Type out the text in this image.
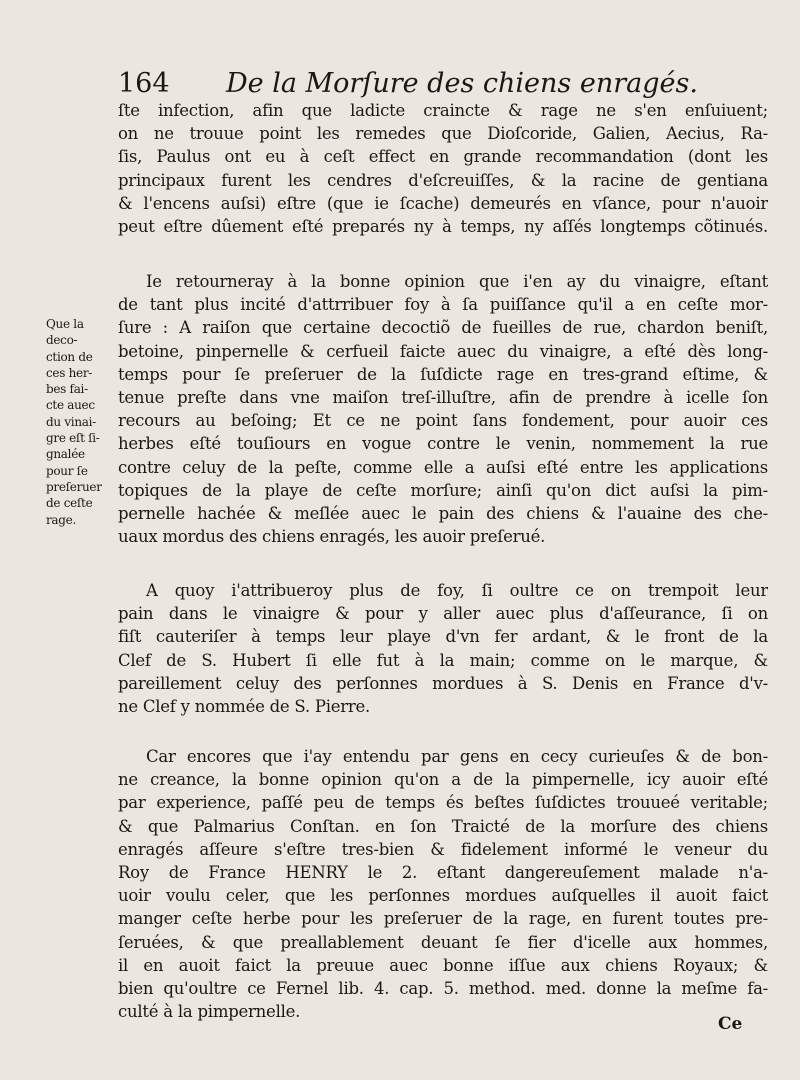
164 De la Morſure des chiens enragés.
ſte infection, afin que ladicte craincte & rage ne s'en enſuiuent;
on ne trouue point les remedes que Dioſcoride, Galien, Aecius, Ra-
ſis, Paulus ont eu à ceſt effect en grande recommandation (dont les
principaux furent les cendres d'eſcreuiſſes, & la racine de gentiana
& l'encens auſsi) eſtre (que ie ſcache) demeurés en vſance, pour n'auoir
peut eſtre dûement eſté preparés ny à temps, ny aſſés longtemps cõtinués.
Ie retourneray à la bonne opinion que i'en ay du vinaigre, eſtant
de tant plus incité d'attrribuer foy à ſa puiſſance qu'il a en ceſte mor-
ſure : A raiſon que certaine decoctiõ de fueilles de rue, chardon beniſt,
betoine, pinpernelle & cerfueil faicte auec du vinaigre, a eſté dès long-
temps pour ſe preſeruer de la ſuſdicte rage en tres-grand eſtime, &
tenue preſte dans vne maiſon treſ-illuſtre, afin de prendre à icelle ſon
recours au beſoing; Et ce ne point ſans fondement, pour auoir ces
herbes eſté touſiours en vogue contre le venin, nommement la rue
contre celuy de la peſte, comme elle a auſsi eſté entre les applications
topiques de la playe de ceſte morſure; ainſi qu'on dict auſsi la pim-
pernelle hachée & meſlée auec le pain des chiens & l'auaine des che-
uaux mordus des chiens enragés, les auoir preſerué.
Que la
deco-
ction de
ces her-
bes fai-
cte auec
du vinai-
gre eſt ſi-
gnalée
pour ſe
preſeruer
de ceſte
rage.
A quoy i'attribueroy plus de foy, ſi oultre ce on trempoit leur
pain dans le vinaigre & pour y aller auec plus d'aſſeurance, ſi on
fiſt cauteriſer à temps leur playe d'vn fer ardant, & le front de la
Clef de S. Hubert ſi elle fut à la main; comme on le marque, &
pareillement celuy des perſonnes mordues à S. Denis en France d'v-
ne Clef y nommée de S. Pierre.
Car encores que i'ay entendu par gens en cecy curieuſes & de bon-
ne creance, la bonne opinion qu'on a de la pimpernelle, icy auoir eſté
par experience, paſſé peu de temps és beſtes ſuſdictes trouueé veritable;
& que Palmarius Conſtan. en ſon Traicté de la morſure des chiens
enragés aſſeure s'eſtre tres-bien & fidelement informé le veneur du
Roy de France HENRY le 2. eſtant dangereuſement malade n'a-
uoir voulu celer, que les perſonnes mordues auſquelles il auoit faict
manger ceſte herbe pour les preſeruer de la rage, en furent toutes pre-
ſeruées, & que preallablement deuant ſe fier d'icelle aux hommes,
il en auoit faict la preuue auec bonne iſſue aux chiens Royaux; &
bien qu'oultre ce Fernel lib. 4. cap. 5. method. med. donne la meſme fa-
culté à la pimpernelle.
Ce
